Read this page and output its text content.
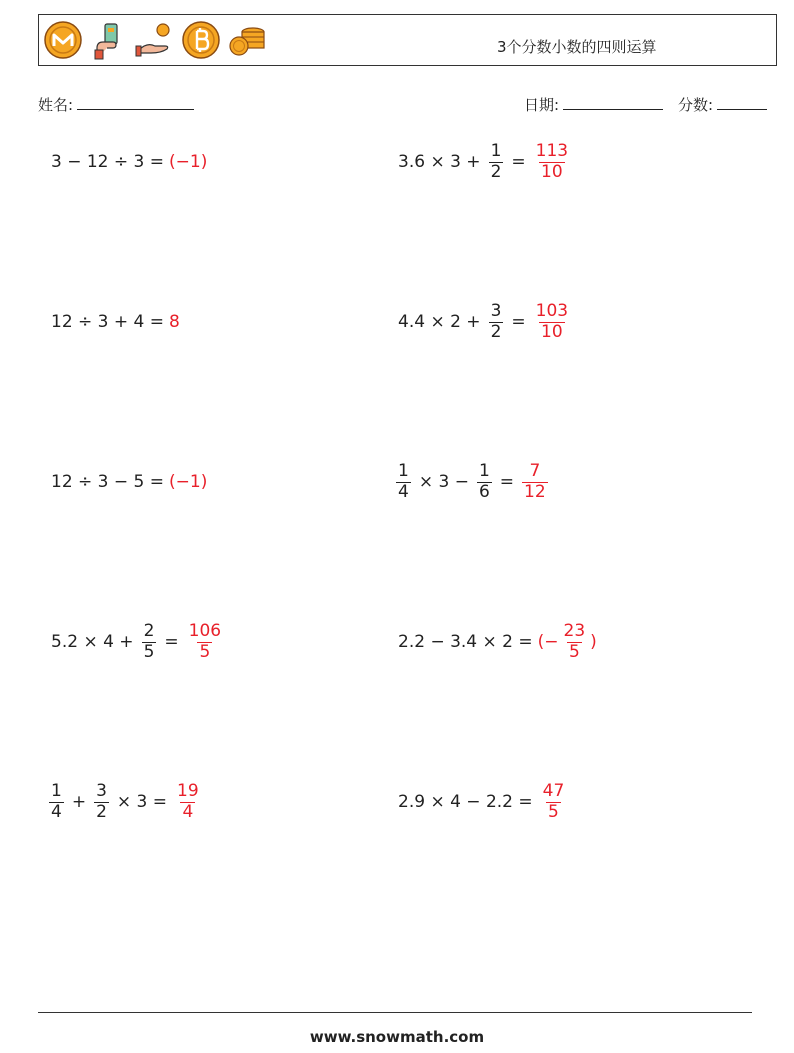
3个分数小数的四则运算
姓名:	日期:	分数:
3 − 12 ÷ 3 = (−1)	$3.6 \times 3 + \frac{1}{2} = \frac{113}{10}$
12 ÷ 3 + 4 = 8	$4.4 \times 2 + \frac{3}{2} = \frac{103}{10}$
12 ÷ 3 − 5 = (−1)	$\frac{1}{4} \times 3 - \frac{1}{6} = \frac{7}{12}$
$5.2 \times 4 + \frac{2}{5} = \frac{106}{5}$	2.2 − 3.4 × 2 = (− $\frac{23}{5}$ )
$\frac{1}{4} + \frac{3}{2} \times 3 = \frac{19}{4}$	$2.9 \times 4 - 2.2 = \frac{47}{5}$
www.snowmath.com
